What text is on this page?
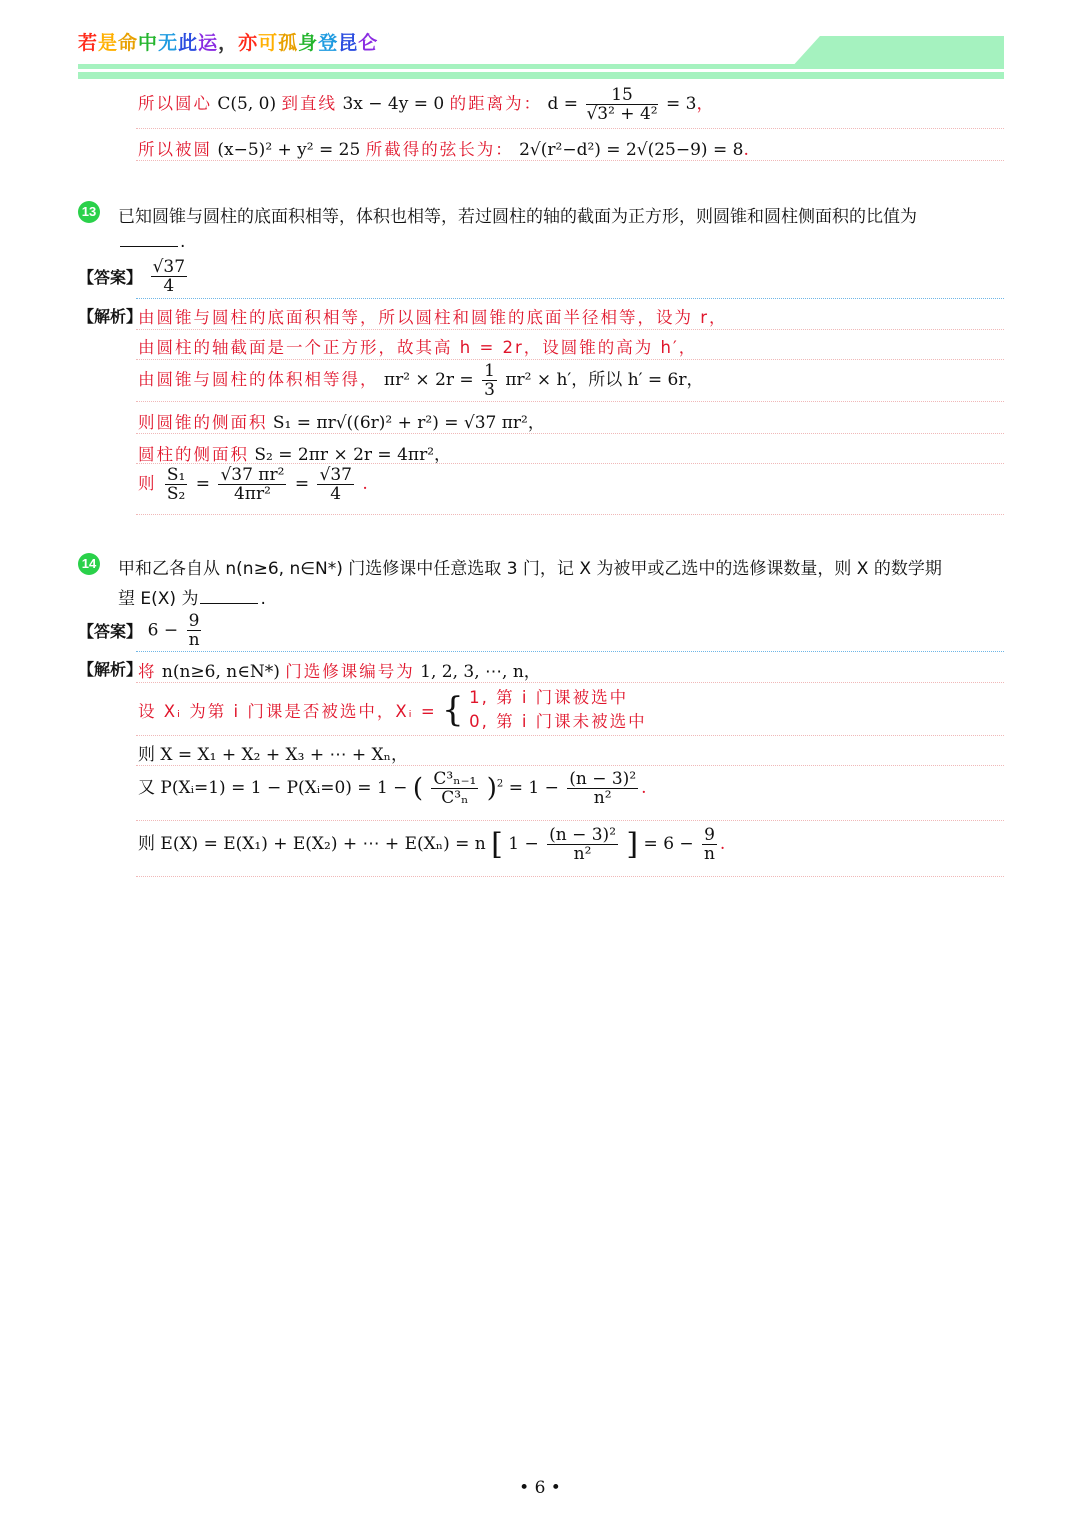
若是命中无此运，亦可孤身登昆仑
所以圆心 C(5, 0) 到直线 3x − 4y = 0 的距离为： $d = \frac{15}{\text{√3² + 4²}} = 3$，
所以被圆 (x−5)² + y² = 25 所截得的弦长为： 2√(r²−d²) = 2√(25−9) = 8.
13 已知圆锥与圆柱的底面积相等，体积也相等，若过圆柱的轴的截面为正方形，则圆锥和圆柱侧面积的比值为
.
【答案】 $\frac{√37}{4}$
【解析】
由圆锥与圆柱的底面积相等，所以圆柱和圆锥的底面半径相等，设为 r，
由圆柱的轴截面是一个正方形，故其高 h = 2r，设圆锥的高为 h′，
由圆锥与圆柱的体积相等得， $\pi r^2 \times 2r = \frac{1}{3} \pi r^2 \times h'$，所以 h′ = 6r，
则圆锥的侧面积 S₁ = πr√((6r)² + r²) = √37 πr²，
圆柱的侧面积 S₂ = 2πr × 2r = 4πr²，
则 $\frac{\text{S₁}}{\text{S₂}} = \frac{\text{√37 πr²}}{\text{4πr²}} = \frac{√37}{4}$ .
14 甲和乙各自从 n(n≥6, n∈N*) 门选修课中任意选取 3 门，记 X 为被甲或乙选中的选修课数量，则 X 的数学期
望 E(X) 为	.
【答案】 $6 - \frac{9}{n}$
【解析】
将 n(n≥6, n∈N*) 门选修课编号为 1, 2, 3, ⋯, n，
设 Xᵢ 为第 i 门课是否被选中，Xᵢ = { 1, 第 i 门课被选中
0, 第 i 门课未被选中
则 X = X₁ + X₂ + X₃ + ⋯ + Xₙ，
又 P(Xᵢ=1) = 1 − P(Xᵢ=0) = 1 − ( $\frac{\text{C³ₙ₋₁}}{\text{C³ₙ}} )^2 = 1 - \frac{\text{(n − 3)²}}{\text{n²}}$ .
则 E(X) = E(X₁) + E(X₂) + ⋯ + E(Xₙ) = n [ $1 - \frac{\text{(n − 3)²}}{\text{n²}}$ ] = $6 - \frac{9}{n}$ .
• 6 •
